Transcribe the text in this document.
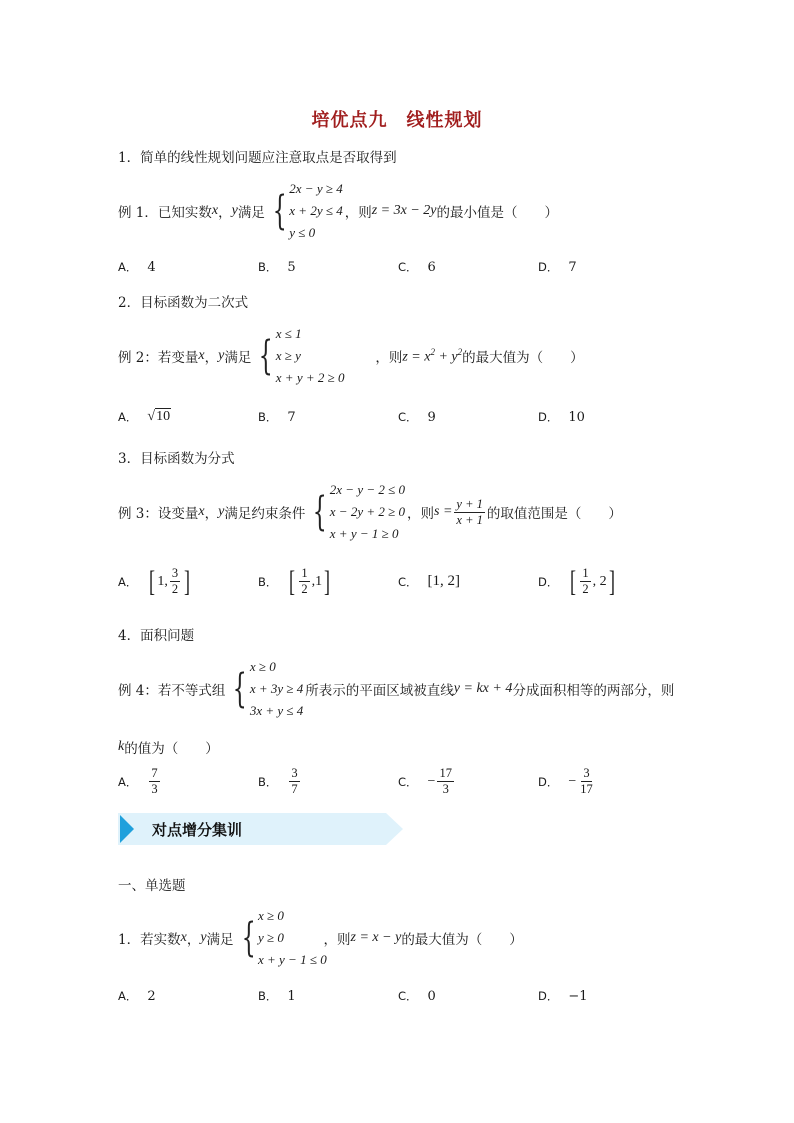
培优点九　线性规划
1．简单的线性规划问题应注意取点是否取得到
例 1．已知实数 x ， y 满足 { 2x − y ≥ 4
x + 2y ≤ 4
y ≤ 0
，则 z = 3x − 2y 的最小值是（　　）
A． 4	B． 5	C． 6	D． 7
2．目标函数为二次式
例 2：若变量 x ， y 满足 { x ≤ 1
x ≥ y
x + y + 2 ≥ 0
，则 $z = x^2 + y^2$ 的最大值为（　　）
A． √10	B． 7	C． 9	D． 10
3．目标函数为分式
例 3：设变量 x ， y 满足约束条件 { 2x − y − 2 ≤ 0
x − 2y + 2 ≥ 0
x + y − 1 ≥ 0
，则 $s = \frac{y + 1}{x + 1}$ 的取值范围是（　　）
A． [ 1, $\frac{3}{2}$ ]	B． [ $\frac{1}{2} ,1$ ]	C． [1, 2]	D． [ $\frac{1}{2}$ , 2 ]
4．面积问题
例 4：若不等式组 { x ≥ 0
x + 3y ≥ 4
3x + y ≤ 4
所表示的平面区域被直线 y = kx + 4 分成面积相等的两部分，则
k 的值为（　　）
A． $\frac{7}{3}$	B． $\frac{3}{7}$	C． − $\frac{17}{3}$	D． − $\frac{3}{17}$
对点增分集训
一、单选题
1．若实数 x ， y 满足 { x ≥ 0
y ≥ 0
x + y − 1 ≤ 0
，则 z = x − y 的最大值为（　　）
A． 2	B． 1	C． 0	D． −1
